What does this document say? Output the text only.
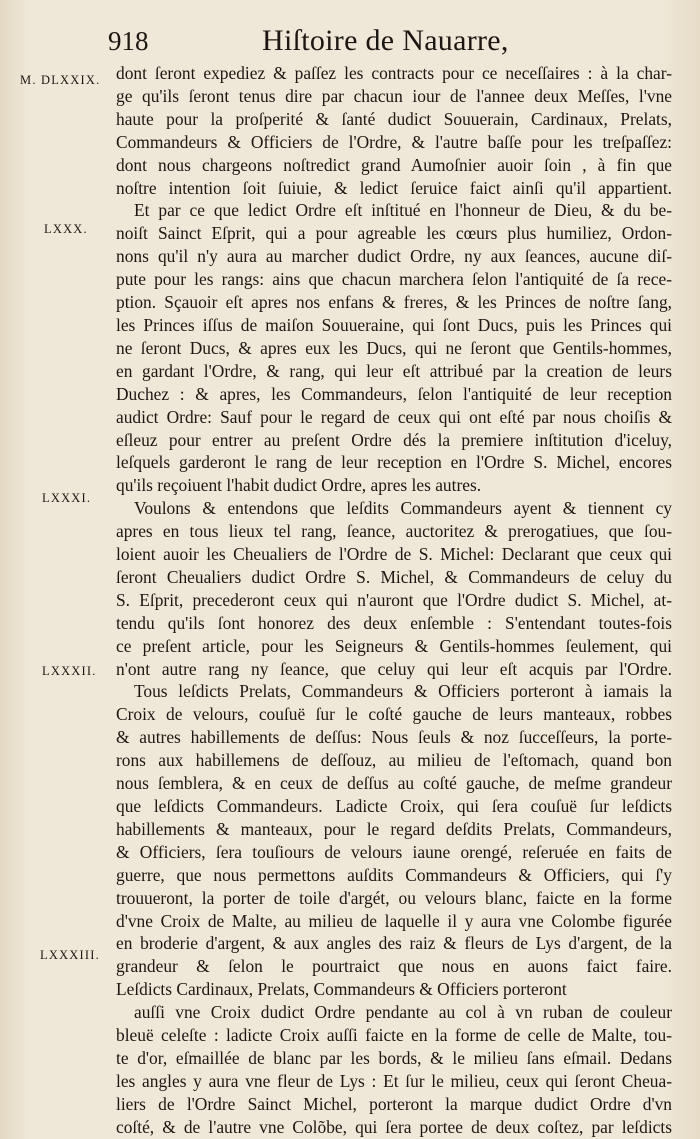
918	Hiſtoire de Nauarre,
M. DLXXIX.
LXXX.
LXXXI.
LXXXII.
LXXXIII.
dont ſeront expediez & paſſez les contracts pour ce neceſſaires : à la char-
ge qu'ils ſeront tenus dire par chacun iour de l'annee deux Meſſes, l'vne
haute pour la proſperité & ſanté dudict Souuerain, Cardinaux, Prelats,
Commandeurs & Officiers de l'Ordre, & l'autre baſſe pour les treſpaſſez:
dont nous chargeons noſtredict grand Aumoſnier auoir ſoin , à fin que
noſtre intention ſoit ſuiuie, & ledict ſeruice faict ainſi qu'il appartient.
Et par ce que ledict Ordre eſt inſtitué en l'honneur de Dieu, & du be-
noiſt Sainct Eſprit, qui a pour agreable les cœurs plus humiliez, Ordon-
nons qu'il n'y aura au marcher dudict Ordre, ny aux ſeances, aucune diſ-
pute pour les rangs: ains que chacun marchera ſelon l'antiquité de ſa rece-
ption. Sçauoir eſt apres nos enfans & freres, & les Princes de noſtre ſang,
les Princes iſſus de maiſon Souueraine, qui ſont Ducs, puis les Princes qui
ne ſeront Ducs, & apres eux les Ducs, qui ne ſeront que Gentils-hommes,
en gardant l'Ordre, & rang, qui leur eſt attribué par la creation de leurs
Duchez : & apres, les Commandeurs, ſelon l'antiquité de leur reception
audict Ordre: Sauf pour le regard de ceux qui ont eſté par nous choiſis &
eſleuz pour entrer au preſent Ordre dés la premiere inſtitution d'iceluy,
leſquels garderont le rang de leur reception en l'Ordre S. Michel, encores
qu'ils reçoiuent l'habit dudict Ordre, apres les autres.
Voulons & entendons que leſdits Commandeurs ayent & tiennent cy
apres en tous lieux tel rang, ſeance, auctoritez & prerogatiues, que ſou-
loient auoir les Cheualiers de l'Ordre de S. Michel: Declarant que ceux qui
ſeront Cheualiers dudict Ordre S. Michel, & Commandeurs de celuy du
S. Eſprit, precederont ceux qui n'auront que l'Ordre dudict S. Michel, at-
tendu qu'ils ſont honorez des deux enſemble : S'entendant toutes-fois
ce preſent article, pour les Seigneurs & Gentils-hommes ſeulement, qui
n'ont autre rang ny ſeance, que celuy qui leur eſt acquis par l'Ordre.
Tous leſdicts Prelats, Commandeurs & Officiers porteront à iamais la
Croix de velours, couſuë ſur le coſté gauche de leurs manteaux, robbes
& autres habillements de deſſus: Nous ſeuls & noz ſucceſſeurs, la porte-
rons aux habillemens de deſſouz, au milieu de l'eſtomach, quand bon
nous ſemblera, & en ceux de deſſus au coſté gauche, de meſme grandeur
que leſdicts Commandeurs. Ladicte Croix, qui ſera couſuë ſur leſdicts
habillements & manteaux, pour le regard deſdits Prelats, Commandeurs,
& Officiers, ſera touſiours de velours iaune orengé, reſeruée en faits de
guerre, que nous permettons auſdits Commandeurs & Officiers, qui ſ'y
trouueront, la porter de toile d'argét, ou velours blanc, faicte en la forme
d'vne Croix de Malte, au milieu de laquelle il y aura vne Colombe figurée
en broderie d'argent, & aux angles des raiz & fleurs de Lys d'argent, de la
grandeur & ſelon le pourtraict que nous en auons faict faire.
Leſdicts Cardinaux, Prelats, Commandeurs & Officiers porteront
auſſi vne Croix dudict Ordre pendante au col à vn ruban de couleur
bleuë celeſte : ladicte Croix auſſi faicte en la forme de celle de Malte, tou-
te d'or, eſmaillée de blanc par les bords, & le milieu ſans eſmail. Dedans
les angles y aura vne fleur de Lys : Et ſur le milieu, ceux qui ſeront Cheua-
liers de l'Ordre Sainct Michel, porteront la marque dudict Ordre d'vn
coſté, & de l'autre vne Colõbe, qui ſera portee de deux coſtez, par leſdicts
